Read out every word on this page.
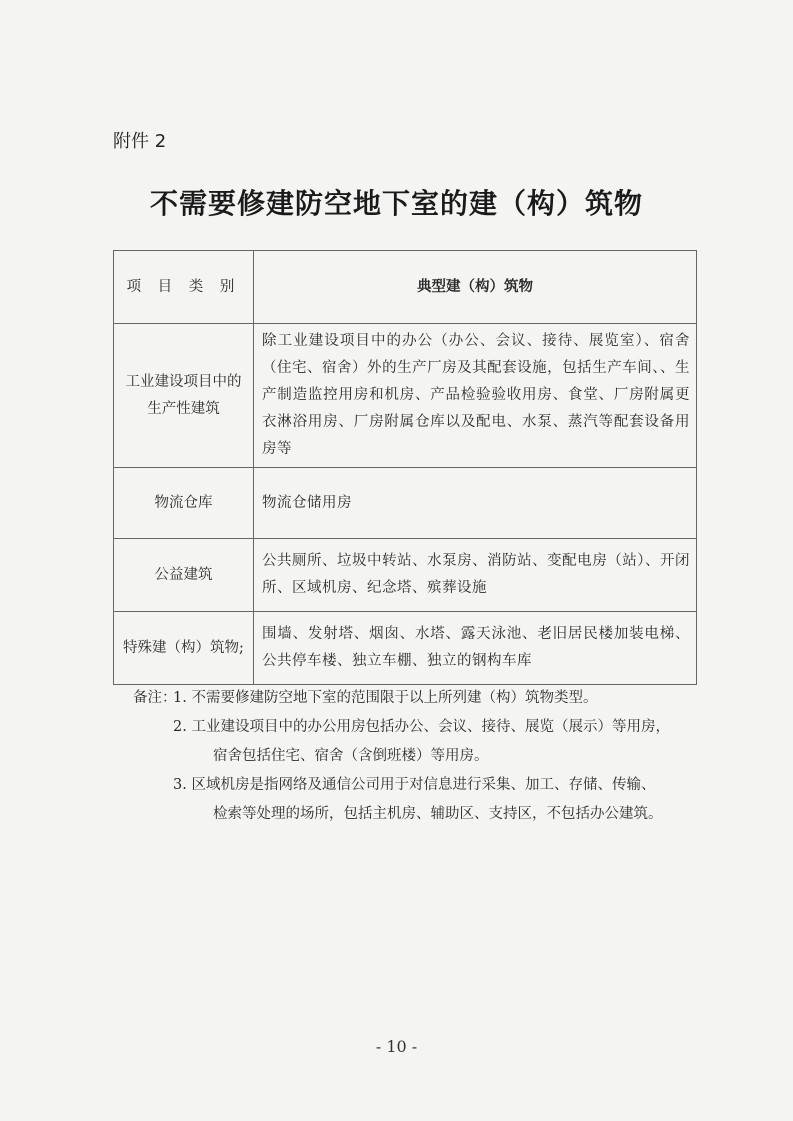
附件 2
不需要修建防空地下室的建（构）筑物
项 目 类 别	典型建（构）筑物
工业建设项目中的生产性建筑	除工业建设项目中的办公（办公、会议、接待、展览室）、宿舍（住宅、宿舍）外的生产厂房及其配套设施，包括生产车间、、生产制造监控用房和机房、产品检验验收用房、食堂、厂房附属更衣淋浴用房、厂房附属仓库以及配电、水泵、蒸汽等配套设备用房等
物流仓库	物流仓储用房
公益建筑	公共厕所、垃圾中转站、水泵房、消防站、变配电房（站）、开闭所、区域机房、纪念塔、殡葬设施
特殊建（构）筑物;	围墙、发射塔、烟囱、水塔、露天泳池、老旧居民楼加装电梯、公共停车楼、独立车棚、独立的钢构车库
备注：1. 不需要修建防空地下室的范围限于以上所列建（构）筑物类型。
2. 工业建设项目中的办公用房包括办公、会议、接待、展览（展示）等用房，
宿舍包括住宅、宿舍（含倒班楼）等用房。
3. 区域机房是指网络及通信公司用于对信息进行采集、加工、存储、传输、
检索等处理的场所，包括主机房、辅助区、支持区，不包括办公建筑。
- 10 -
